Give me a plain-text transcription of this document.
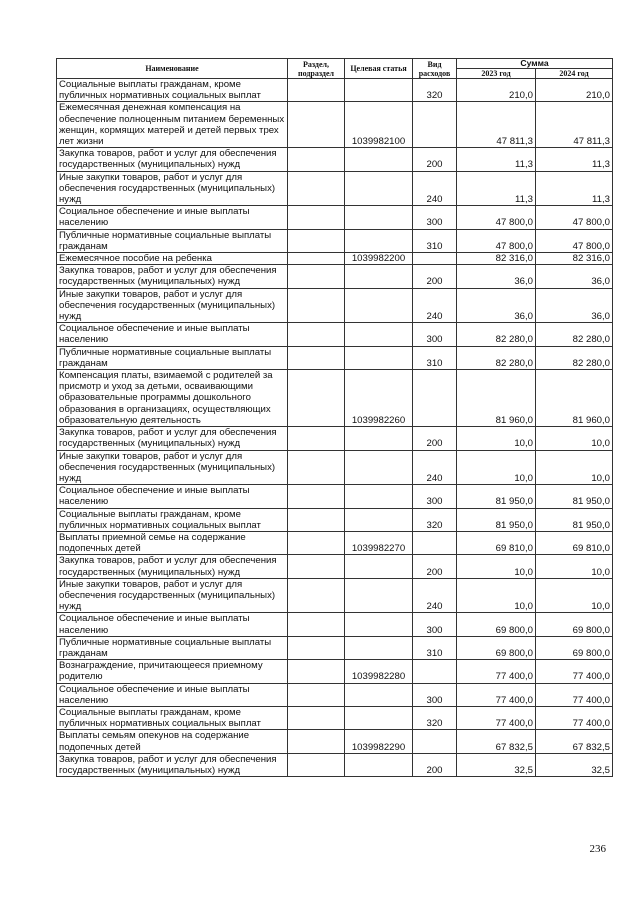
Наименование	Раздел, подраздел	Целевая статья	Вид расходов	Сумма	
				2023 год	2024 год
Социальные выплаты гражданам, кроме публичных нормативных социальных выплат			320	210,0	210,0
Ежемесячная денежная компенсация на обеспечение полноценным питанием беременных женщин, кормящих матерей и детей первых трех лет жизни		1039982100		47 811,3	47 811,3
Закупка товаров, работ и услуг для обеспечения государственных (муниципальных) нужд			200	11,3	11,3
Иные закупки товаров, работ и услуг для обеспечения государственных (муниципальных) нужд			240	11,3	11,3
Социальное обеспечение и иные выплаты населению			300	47 800,0	47 800,0
Публичные нормативные социальные выплаты гражданам			310	47 800,0	47 800,0
Ежемесячное пособие на ребенка		1039982200		82 316,0	82 316,0
Закупка товаров, работ и услуг для обеспечения государственных (муниципальных) нужд			200	36,0	36,0
Иные закупки товаров, работ и услуг для обеспечения государственных (муниципальных) нужд			240	36,0	36,0
Социальное обеспечение и иные выплаты населению			300	82 280,0	82 280,0
Публичные нормативные социальные выплаты гражданам			310	82 280,0	82 280,0
Компенсация платы, взимаемой с родителей за присмотр и уход за детьми, осваивающими образовательные программы дошкольного образования в организациях, осуществляющих образовательную деятельность		1039982260		81 960,0	81 960,0
Закупка товаров, работ и услуг для обеспечения государственных (муниципальных) нужд			200	10,0	10,0
Иные закупки товаров, работ и услуг для обеспечения государственных (муниципальных) нужд			240	10,0	10,0
Социальное обеспечение и иные выплаты населению			300	81 950,0	81 950,0
Социальные выплаты гражданам, кроме публичных нормативных социальных выплат			320	81 950,0	81 950,0
Выплаты приемной семье на содержание подопечных детей		1039982270		69 810,0	69 810,0
Закупка товаров, работ и услуг для обеспечения государственных (муниципальных) нужд			200	10,0	10,0
Иные закупки товаров, работ и услуг для обеспечения государственных (муниципальных) нужд			240	10,0	10,0
Социальное обеспечение и иные выплаты населению			300	69 800,0	69 800,0
Публичные нормативные социальные выплаты гражданам			310	69 800,0	69 800,0
Вознаграждение, причитающееся приемному родителю		1039982280		77 400,0	77 400,0
Социальное обеспечение и иные выплаты населению			300	77 400,0	77 400,0
Социальные выплаты гражданам, кроме публичных нормативных социальных выплат			320	77 400,0	77 400,0
Выплаты семьям опекунов на содержание подопечных детей		1039982290		67 832,5	67 832,5
Закупка товаров, работ и услуг для обеспечения государственных (муниципальных) нужд			200	32,5	32,5
236
